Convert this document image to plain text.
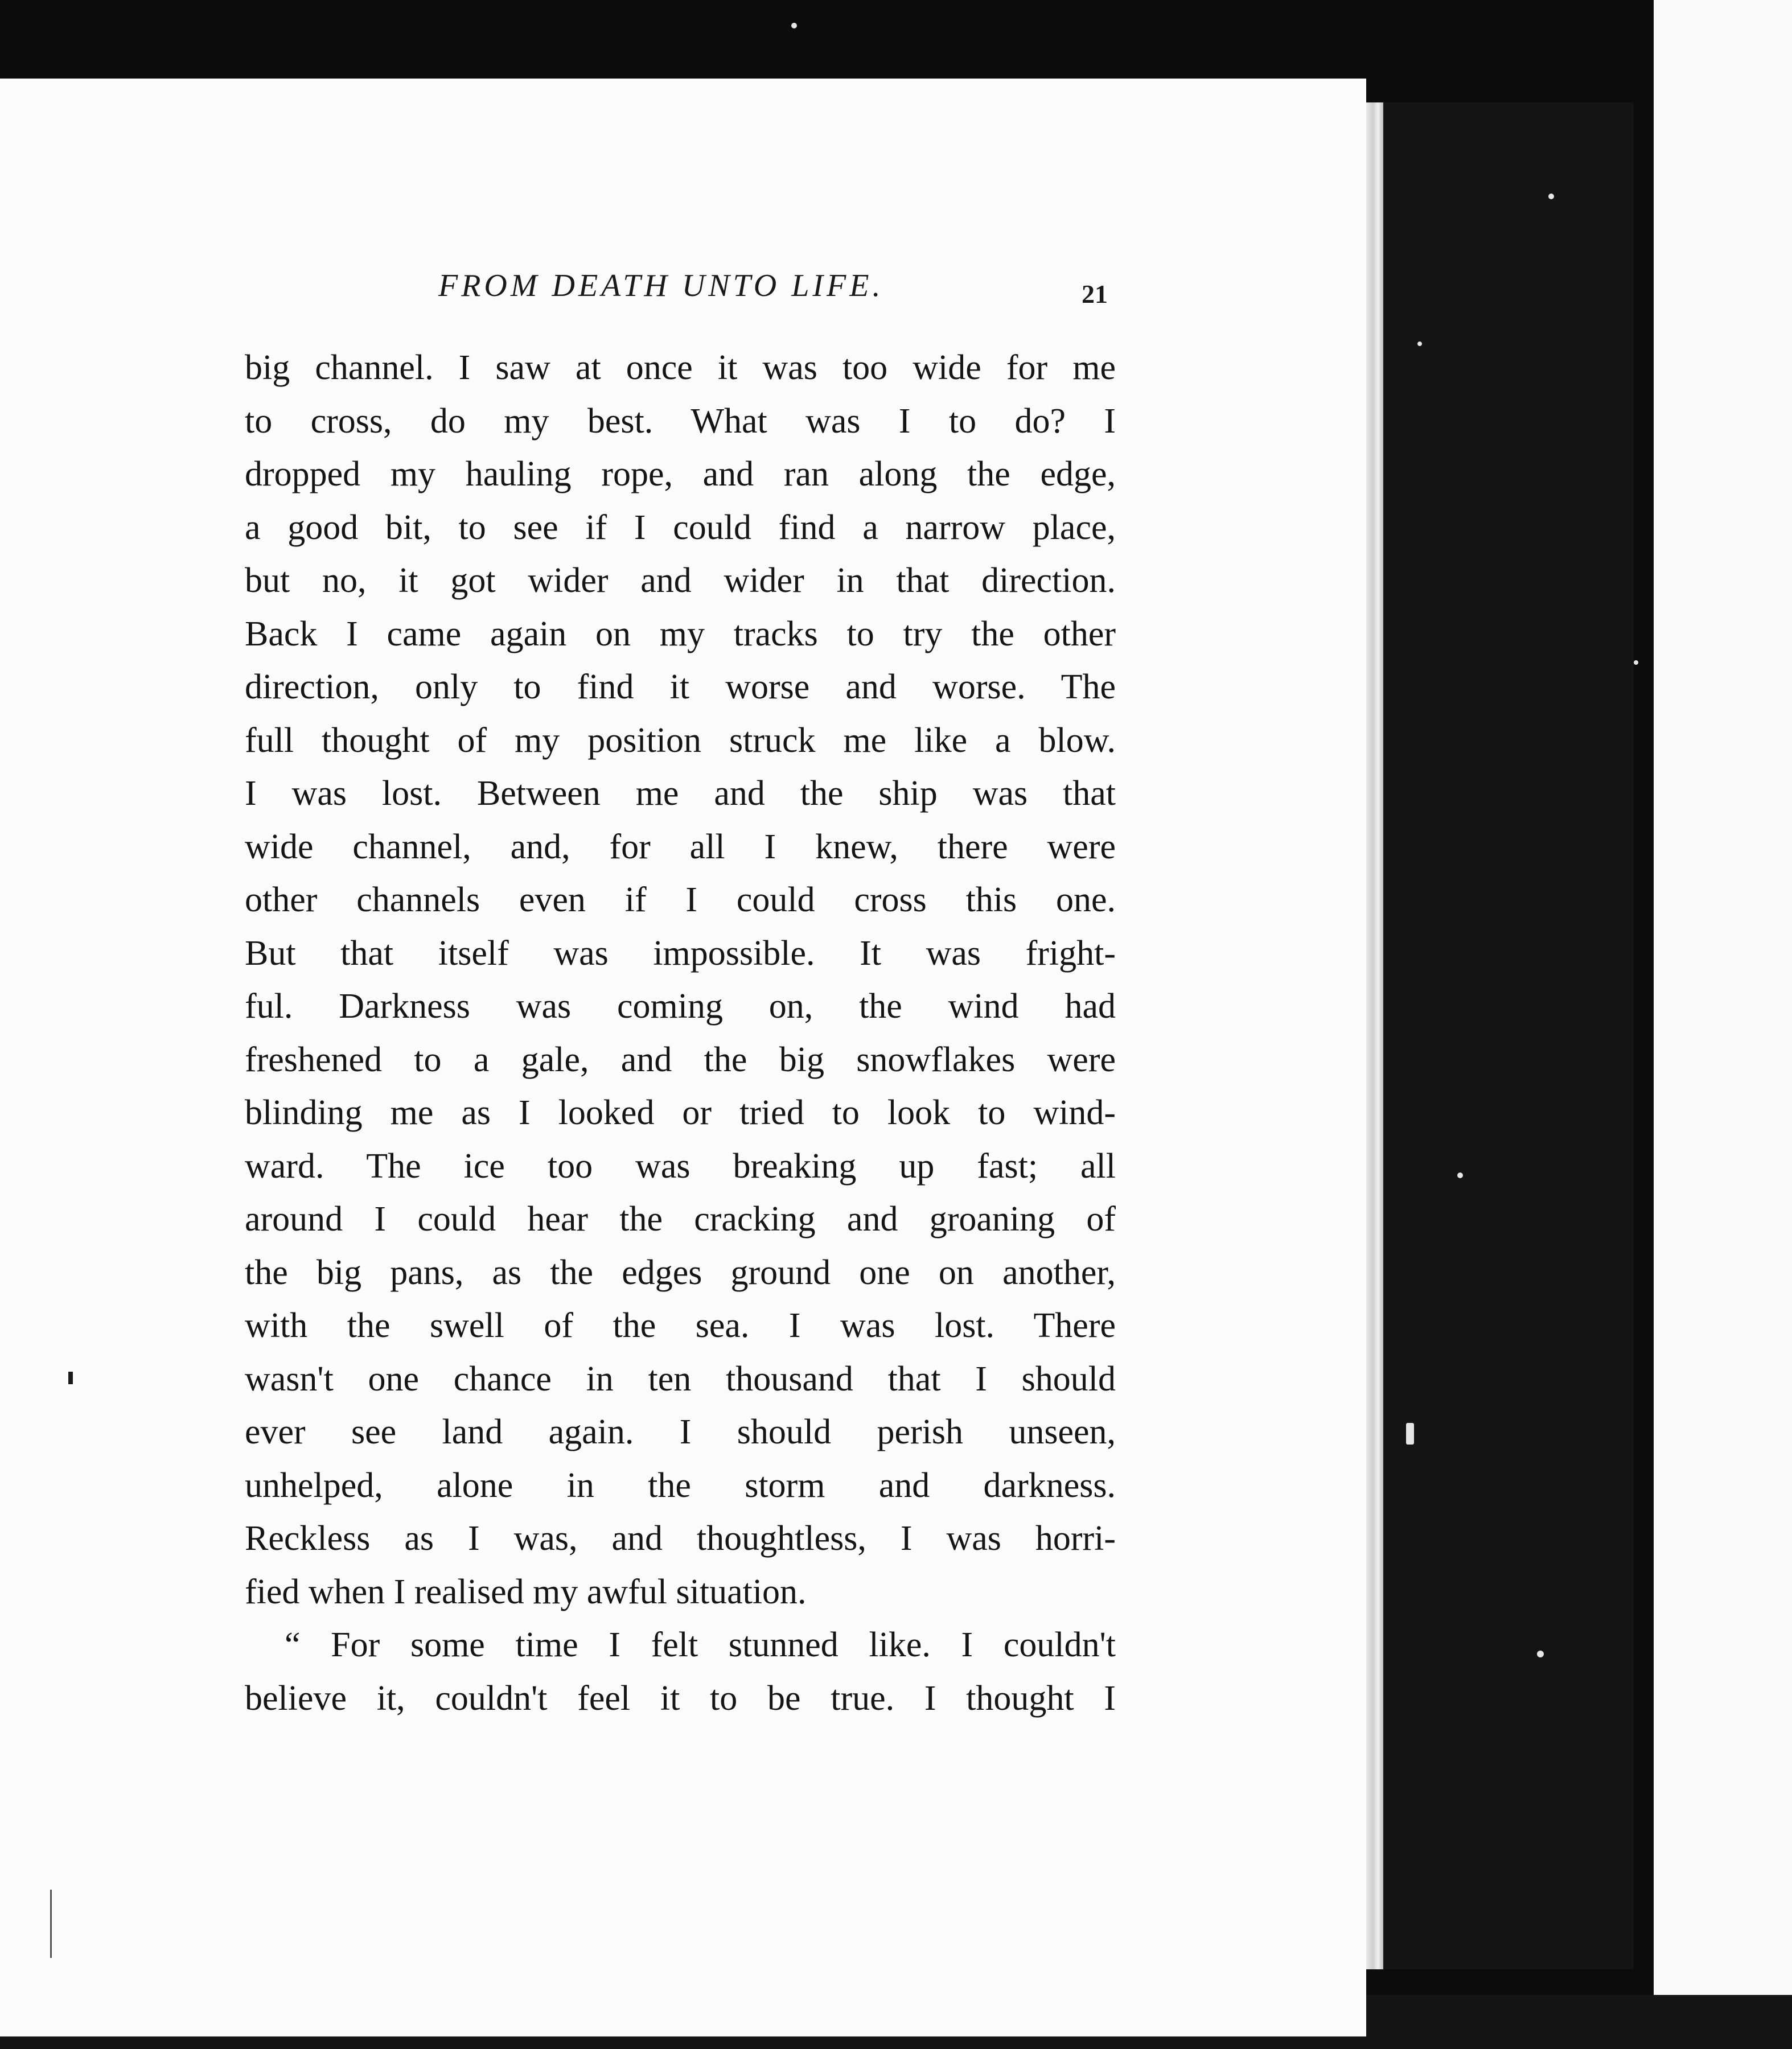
FROM DEATH UNTO LIFE.	21
big channel. I saw at once it was too wide for me
to cross, do my best. What was I to do? I
dropped my hauling rope, and ran along the edge,
a good bit, to see if I could find a narrow place,
but no, it got wider and wider in that direction.
Back I came again on my tracks to try the other
direction, only to find it worse and worse. The
full thought of my position struck me like a blow.
I was lost. Between me and the ship was that
wide channel, and, for all I knew, there were
other channels even if I could cross this one.
But that itself was impossible. It was fright-
ful. Darkness was coming on, the wind had
freshened to a gale, and the big snowflakes were
blinding me as I looked or tried to look to wind-
ward. The ice too was breaking up fast; all
around I could hear the cracking and groaning of
the big pans, as the edges ground one on another,
with the swell of the sea. I was lost. There
wasn't one chance in ten thousand that I should
ever see land again. I should perish unseen,
unhelped, alone in the storm and darkness.
Reckless as I was, and thoughtless, I was horri-
fied when I realised my awful situation.
“ For some time I felt stunned like. I couldn't
believe it, couldn't feel it to be true. I thought I
